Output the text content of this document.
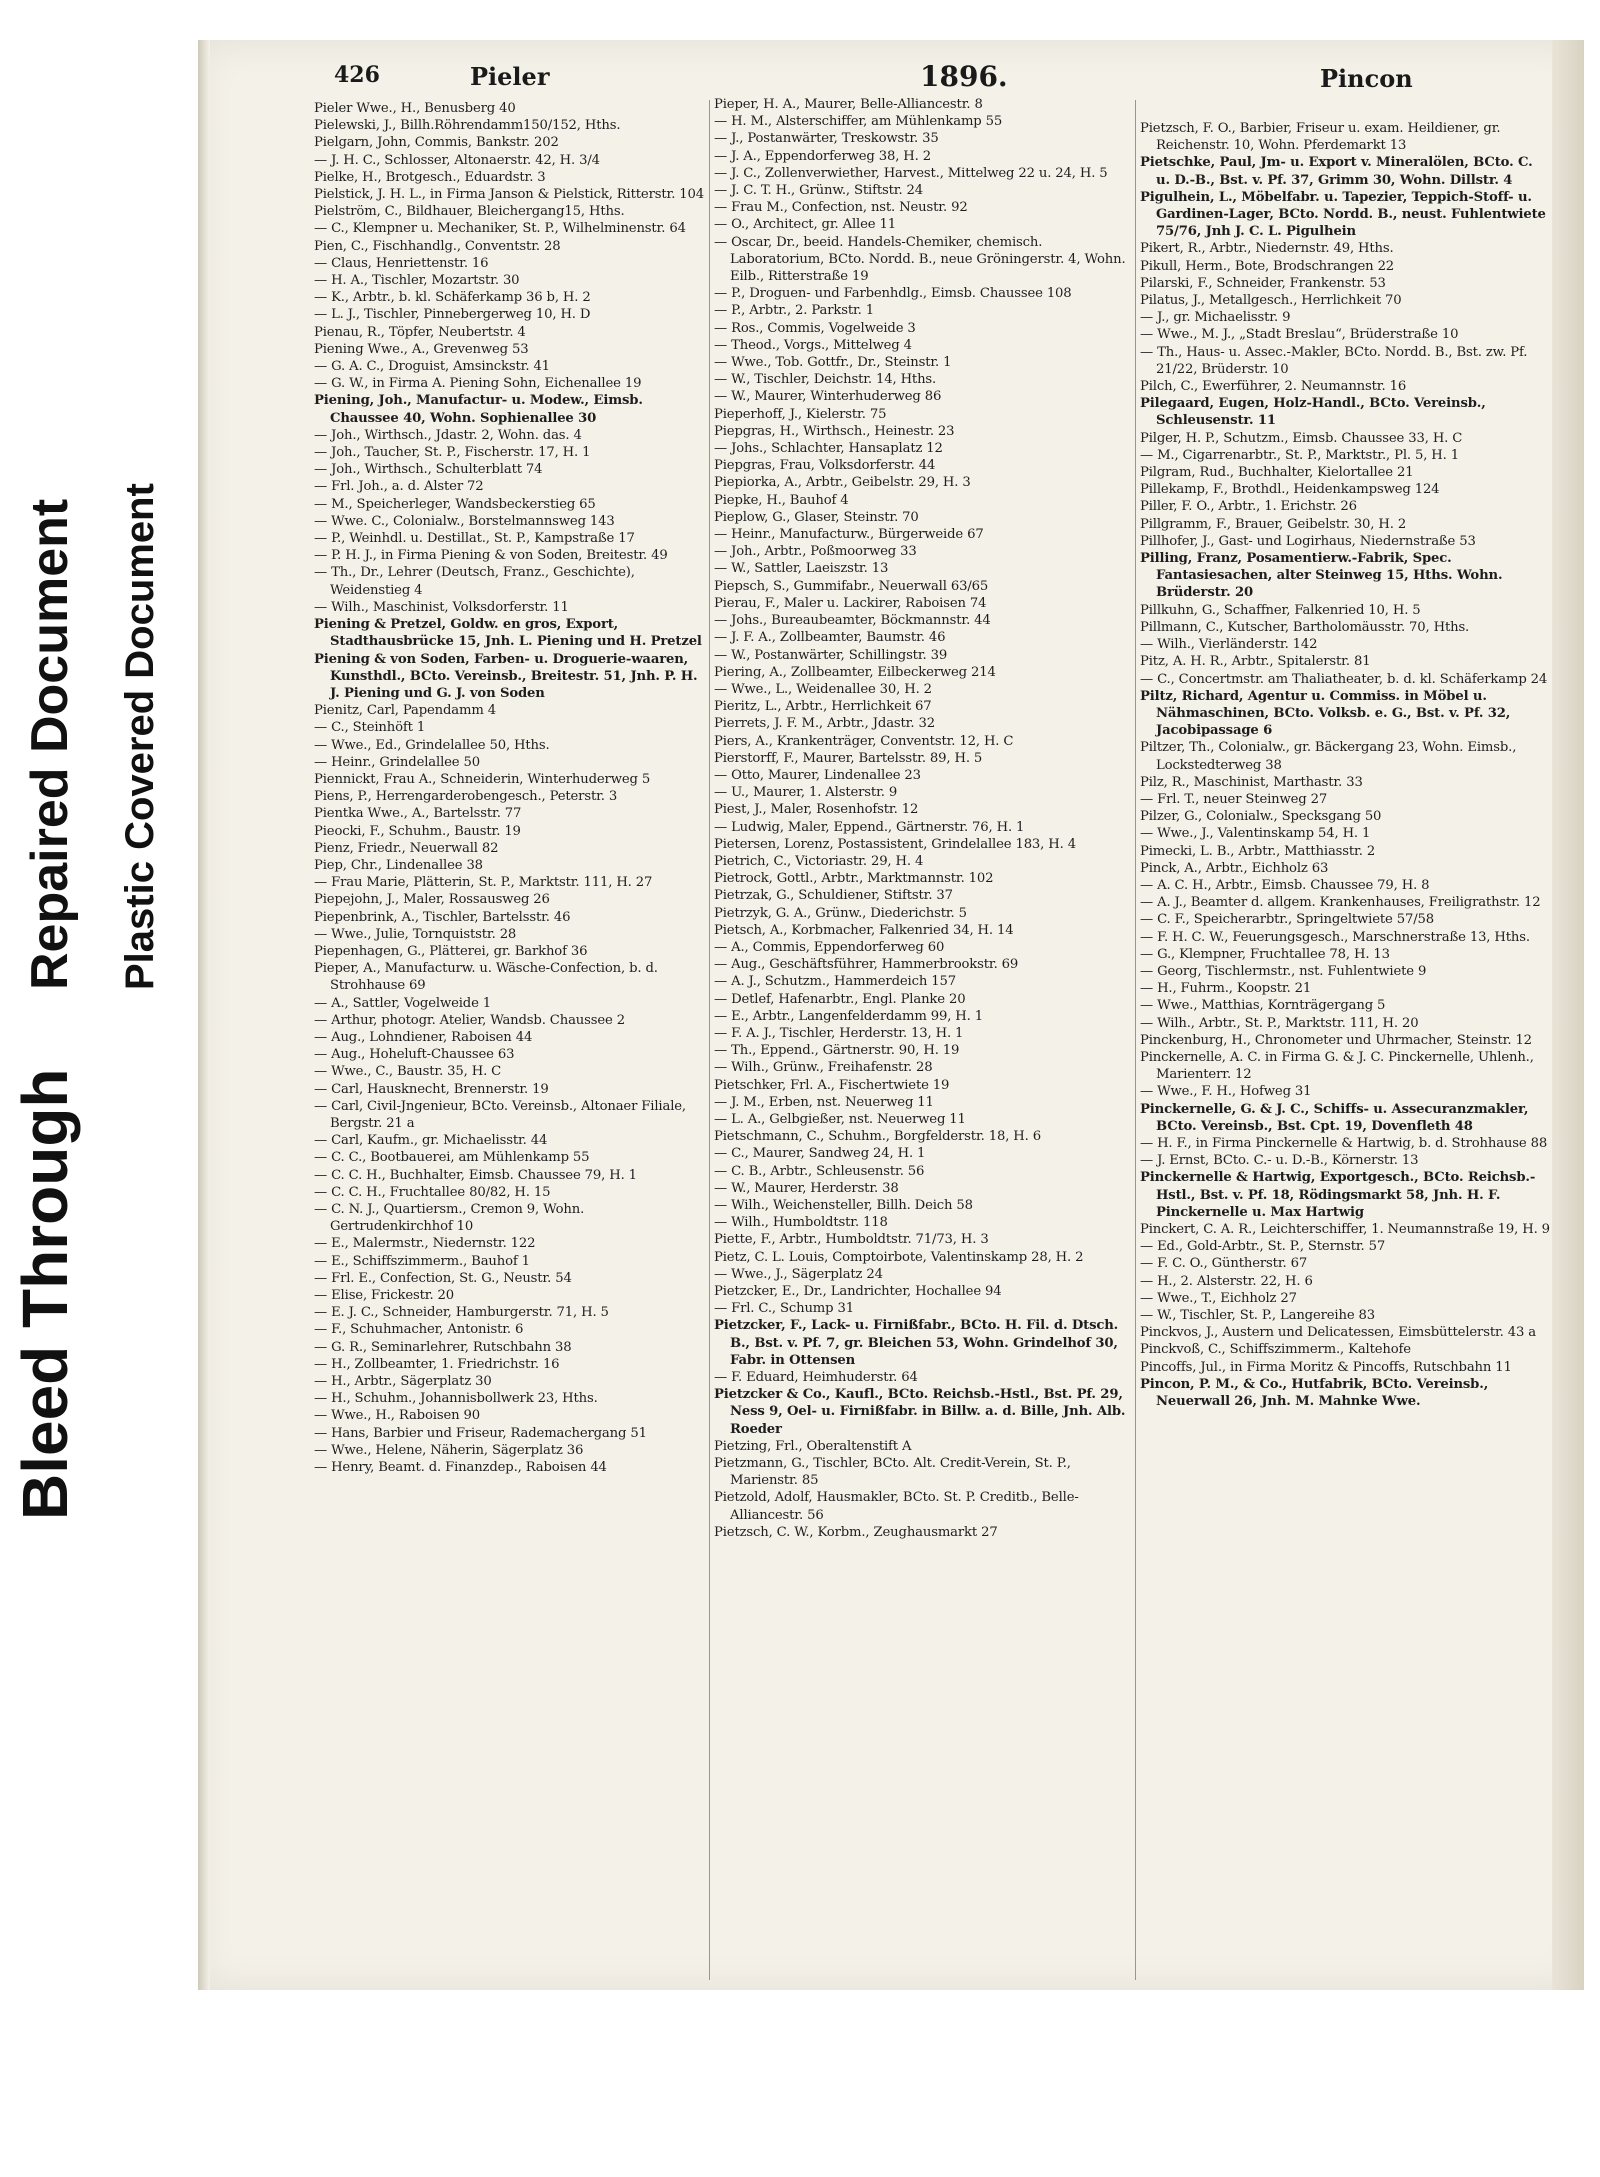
Bleed Through
Repaired Document Plastic Covered Document
426	Pieler	1896.	Pincon

Pieler Wwe., H., Benusberg 40

Pielewski, J., Billh.Röhrendamm150/152, Hths.

Pielgarn, John, Commis, Bankstr. 202

— J. H. C., Schlosser, Altonaerstr. 42, H. 3/4

Pielke, H., Brotgesch., Eduardstr. 3

Pielstick, J. H. L., in Firma Janson & Pielstick, Ritterstr. 104

Pielström, C., Bildhauer, Bleichergang15, Hths.

— C., Klempner u. Mechaniker, St. P., Wilhelminenstr. 64

Pien, C., Fischhandlg., Conventstr. 28

— Claus, Henriettenstr. 16

— H. A., Tischler, Mozartstr. 30

— K., Arbtr., b. kl. Schäferkamp 36 b, H. 2

— L. J., Tischler, Pinnebergerweg 10, H. D

Pienau, R., Töpfer, Neubertstr. 4

Piening Wwe., A., Grevenweg 53

— G. A. C., Droguist, Amsinckstr. 41

— G. W., in Firma A. Piening Sohn, Eichenallee 19

Piening, Joh., Manufactur- u. Modew., Eimsb. Chaussee 40, Wohn. Sophienallee 30

— Joh., Wirthsch., Jdastr. 2, Wohn. das. 4

— Joh., Taucher, St. P., Fischerstr. 17, H. 1

— Joh., Wirthsch., Schulterblatt 74

— Frl. Joh., a. d. Alster 72

— M., Speicherleger, Wandsbeckerstieg 65

— Wwe. C., Colonialw., Borstelmannsweg 143

— P., Weinhdl. u. Destillat., St. P., Kampstraße 17

— P. H. J., in Firma Piening & von Soden, Breitestr. 49

— Th., Dr., Lehrer (Deutsch, Franz., Geschichte), Weidenstieg 4

— Wilh., Maschinist, Volksdorferstr. 11

Piening & Pretzel, Goldw. en gros, Export, Stadthausbrücke 15, Jnh. L. Piening und H. Pretzel

Piening & von Soden, Farben- u. Droguerie-waaren, Kunsthdl., BCto. Vereinsb., Breitestr. 51, Jnh. P. H. J. Piening und G. J. von Soden

Pienitz, Carl, Papendamm 4

— C., Steinhöft 1

— Wwe., Ed., Grindelallee 50, Hths.

— Heinr., Grindelallee 50

Piennickt, Frau A., Schneiderin, Winterhuderweg 5

Piens, P., Herrengarderobengesch., Peterstr. 3

Pientka Wwe., A., Bartelsstr. 77

Pieocki, F., Schuhm., Baustr. 19

Pienz, Friedr., Neuerwall 82

Piep, Chr., Lindenallee 38

— Frau Marie, Plätterin, St. P., Marktstr. 111, H. 27

Piepejohn, J., Maler, Rossausweg 26

Piepenbrink, A., Tischler, Bartelsstr. 46

— Wwe., Julie, Tornquiststr. 28

Piepenhagen, G., Plätterei, gr. Barkhof 36

Pieper, A., Manufacturw. u. Wäsche-Confection, b. d. Strohhause 69

— A., Sattler, Vogelweide 1

— Arthur, photogr. Atelier, Wandsb. Chaussee 2

— Aug., Lohndiener, Raboisen 44

— Aug., Hoheluft-Chaussee 63

— Wwe., C., Baustr. 35, H. C

— Carl, Hausknecht, Brennerstr. 19

— Carl, Civil-Jngenieur, BCto. Vereinsb., Altonaer Filiale, Bergstr. 21 a

— Carl, Kaufm., gr. Michaelisstr. 44

— C. C., Bootbauerei, am Mühlenkamp 55

— C. C. H., Buchhalter, Eimsb. Chaussee 79, H. 1

— C. C. H., Fruchtallee 80/82, H. 15

— C. N. J., Quartiersm., Cremon 9, Wohn. Gertrudenkirchhof 10

— E., Malermstr., Niedernstr. 122

— E., Schiffszimmerm., Bauhof 1

— Frl. E., Confection, St. G., Neustr. 54

— Elise, Frickestr. 20

— E. J. C., Schneider, Hamburgerstr. 71, H. 5

— F., Schuhmacher, Antonistr. 6

— G. R., Seminarlehrer, Rutschbahn 38

— H., Zollbeamter, 1. Friedrichstr. 16

— H., Arbtr., Sägerplatz 30

— H., Schuhm., Johannisbollwerk 23, Hths.

— Wwe., H., Raboisen 90

— Hans, Barbier und Friseur, Rademachergang 51

— Wwe., Helene, Näherin, Sägerplatz 36

— Henry, Beamt. d. Finanzdep., Raboisen 44

Pieper, H. A., Maurer, Belle-Alliancestr. 8

— H. M., Alsterschiffer, am Mühlenkamp 55

— J., Postanwärter, Treskowstr. 35

— J. A., Eppendorferweg 38, H. 2

— J. C., Zollenverwiether, Harvest., Mittelweg 22 u. 24, H. 5

— J. C. T. H., Grünw., Stiftstr. 24

— Frau M., Confection, nst. Neustr. 92

— O., Architect, gr. Allee 11

— Oscar, Dr., beeid. Handels-Chemiker, chemisch. Laboratorium, BCto. Nordd. B., neue Gröningerstr. 4, Wohn. Eilb., Ritterstraße 19

— P., Droguen- und Farbenhdlg., Eimsb. Chaussee 108

— P., Arbtr., 2. Parkstr. 1

— Ros., Commis, Vogelweide 3

— Theod., Vorgs., Mittelweg 4

— Wwe., Tob. Gottfr., Dr., Steinstr. 1

— W., Tischler, Deichstr. 14, Hths.

— W., Maurer, Winterhuderweg 86

Pieperhoff, J., Kielerstr. 75

Piepgras, H., Wirthsch., Heinestr. 23

— Johs., Schlachter, Hansaplatz 12

Piepgras, Frau, Volksdorferstr. 44

Piepiorka, A., Arbtr., Geibelstr. 29, H. 3

Piepke, H., Bauhof 4

Pieplow, G., Glaser, Steinstr. 70

— Heinr., Manufacturw., Bürgerweide 67

— Joh., Arbtr., Poßmoorweg 33

— W., Sattler, Laeiszstr. 13

Piepsch, S., Gummifabr., Neuerwall 63/65

Pierau, F., Maler u. Lackirer, Raboisen 74

— Johs., Bureaubeamter, Böckmannstr. 44

— J. F. A., Zollbeamter, Baumstr. 46

— W., Postanwärter, Schillingstr. 39

Piering, A., Zollbeamter, Eilbeckerweg 214

— Wwe., L., Weidenallee 30, H. 2

Pieritz, L., Arbtr., Herrlichkeit 67

Pierrets, J. F. M., Arbtr., Jdastr. 32

Piers, A., Krankenträger, Conventstr. 12, H. C

Pierstorff, F., Maurer, Bartelsstr. 89, H. 5

— Otto, Maurer, Lindenallee 23

— U., Maurer, 1. Alsterstr. 9

Piest, J., Maler, Rosenhofstr. 12

— Ludwig, Maler, Eppend., Gärtnerstr. 76, H. 1

Pietersen, Lorenz, Postassistent, Grindelallee 183, H. 4

Pietrich, C., Victoriastr. 29, H. 4

Pietrock, Gottl., Arbtr., Marktmannstr. 102

Pietrzak, G., Schuldiener, Stiftstr. 37

Pietrzyk, G. A., Grünw., Diederichstr. 5

Pietsch, A., Korbmacher, Falkenried 34, H. 14

— A., Commis, Eppendorferweg 60

— Aug., Geschäftsführer, Hammerbrookstr. 69

— A. J., Schutzm., Hammerdeich 157

— Detlef, Hafenarbtr., Engl. Planke 20

— E., Arbtr., Langenfelderdamm 99, H. 1

— F. A. J., Tischler, Herderstr. 13, H. 1

— Th., Eppend., Gärtnerstr. 90, H. 19

— Wilh., Grünw., Freihafenstr. 28

Pietschker, Frl. A., Fischertwiete 19

— J. M., Erben, nst. Neuerweg 11

— L. A., Gelbgießer, nst. Neuerweg 11

Pietschmann, C., Schuhm., Borgfelderstr. 18, H. 6

— C., Maurer, Sandweg 24, H. 1

— C. B., Arbtr., Schleusenstr. 56

— W., Maurer, Herderstr. 38

— Wilh., Weichensteller, Billh. Deich 58

— Wilh., Humboldtstr. 118

Piette, F., Arbtr., Humboldtstr. 71/73, H. 3

Pietz, C. L. Louis, Comptoirbote, Valentinskamp 28, H. 2

— Wwe., J., Sägerplatz 24

Pietzcker, E., Dr., Landrichter, Hochallee 94

— Frl. C., Schump 31

Pietzcker, F., Lack- u. Firnißfabr., BCto. H. Fil. d. Dtsch. B., Bst. v. Pf. 7, gr. Bleichen 53, Wohn. Grindelhof 30, Fabr. in Ottensen

— F. Eduard, Heimhuderstr. 64

Pietzcker & Co., Kaufl., BCto. Reichsb.-Hstl., Bst. Pf. 29, Ness 9, Oel- u. Firnißfabr. in Billw. a. d. Bille, Jnh. Alb. Roeder

Pietzing, Frl., Oberaltenstift A

Pietzmann, G., Tischler, BCto. Alt. Credit-Verein, St. P., Marienstr. 85

Pietzold, Adolf, Hausmakler, BCto. St. P. Creditb., Belle-Alliancestr. 56

Pietzsch, C. W., Korbm., Zeughausmarkt 27

Pietzsch, F. O., Barbier, Friseur u. exam. Heildiener, gr. Reichenstr. 10, Wohn. Pferdemarkt 13

Pietschke, Paul, Jm- u. Export v. Mineralölen, BCto. C. u. D.-B., Bst. v. Pf. 37, Grimm 30, Wohn. Dillstr. 4

Pigulhein, L., Möbelfabr. u. Tapezier, Teppich-Stoff- u. Gardinen-Lager, BCto. Nordd. B., neust. Fuhlentwiete 75/76, Jnh J. C. L. Pigulhein

Pikert, R., Arbtr., Niedernstr. 49, Hths.

Pikull, Herm., Bote, Brodschrangen 22

Pilarski, F., Schneider, Frankenstr. 53

Pilatus, J., Metallgesch., Herrlichkeit 70

— J., gr. Michaelisstr. 9

— Wwe., M. J., „Stadt Breslau“, Brüderstraße 10

— Th., Haus- u. Assec.-Makler, BCto. Nordd. B., Bst. zw. Pf. 21/22, Brüderstr. 10

Pilch, C., Ewerführer, 2. Neumannstr. 16

Pilegaard, Eugen, Holz-Handl., BCto. Vereinsb., Schleusenstr. 11

Pilger, H. P., Schutzm., Eimsb. Chaussee 33, H. C

— M., Cigarrenarbtr., St. P., Marktstr., Pl. 5, H. 1

Pilgram, Rud., Buchhalter, Kielortallee 21

Pillekamp, F., Brothdl., Heidenkampsweg 124

Piller, F. O., Arbtr., 1. Erichstr. 26

Pillgramm, F., Brauer, Geibelstr. 30, H. 2

Pillhofer, J., Gast- und Logirhaus, Niedernstraße 53

Pilling, Franz, Posamentierw.-Fabrik, Spec. Fantasiesachen, alter Steinweg 15, Hths. Wohn. Brüderstr. 20

Pillkuhn, G., Schaffner, Falkenried 10, H. 5

Pillmann, C., Kutscher, Bartholomäusstr. 70, Hths.

— Wilh., Vierländerstr. 142

Pitz, A. H. R., Arbtr., Spitalerstr. 81

— C., Concertmstr. am Thaliatheater, b. d. kl. Schäferkamp 24

Piltz, Richard, Agentur u. Commiss. in Möbel u. Nähmaschinen, BCto. Volksb. e. G., Bst. v. Pf. 32, Jacobipassage 6

Piltzer, Th., Colonialw., gr. Bäckergang 23, Wohn. Eimsb., Lockstedterweg 38

Pilz, R., Maschinist, Marthastr. 33

— Frl. T., neuer Steinweg 27

Pilzer, G., Colonialw., Specksgang 50

— Wwe., J., Valentinskamp 54, H. 1

Pimecki, L. B., Arbtr., Matthiasstr. 2

Pinck, A., Arbtr., Eichholz 63

— A. C. H., Arbtr., Eimsb. Chaussee 79, H. 8

— A. J., Beamter d. allgem. Krankenhauses, Freiligrathstr. 12

— C. F., Speicherarbtr., Springeltwiete 57/58

— F. H. C. W., Feuerungsgesch., Marschnerstraße 13, Hths.

— G., Klempner, Fruchtallee 78, H. 13

— Georg, Tischlermstr., nst. Fuhlentwiete 9

— H., Fuhrm., Koopstr. 21

— Wwe., Matthias, Kornträgergang 5

— Wilh., Arbtr., St. P., Marktstr. 111, H. 20

Pinckenburg, H., Chronometer und Uhrmacher, Steinstr. 12

Pinckernelle, A. C. in Firma G. & J. C. Pinckernelle, Uhlenh., Marienterr. 12

— Wwe., F. H., Hofweg 31

Pinckernelle, G. & J. C., Schiffs- u. Assecuranzmakler, BCto. Vereinsb., Bst. Cpt. 19, Dovenfleth 48

— H. F., in Firma Pinckernelle & Hartwig, b. d. Strohhause 88

— J. Ernst, BCto. C.- u. D.-B., Körnerstr. 13

Pinckernelle & Hartwig, Exportgesch., BCto. Reichsb.-Hstl., Bst. v. Pf. 18, Rödingsmarkt 58, Jnh. H. F. Pinckernelle u. Max Hartwig

Pinckert, C. A. R., Leichterschiffer, 1. Neumannstraße 19, H. 9

— Ed., Gold-Arbtr., St. P., Sternstr. 57

— F. C. O., Güntherstr. 67

— H., 2. Alsterstr. 22, H. 6

— Wwe., T., Eichholz 27

— W., Tischler, St. P., Langereihe 83

Pinckvos, J., Austern und Delicatessen, Eimsbüttelerstr. 43 a

Pinckvoß, C., Schiffszimmerm., Kaltehofe

Pincoffs, Jul., in Firma Moritz & Pincoffs, Rutschbahn 11

Pincon, P. M., & Co., Hutfabrik, BCto. Vereinsb., Neuerwall 26, Jnh. M. Mahnke Wwe.
